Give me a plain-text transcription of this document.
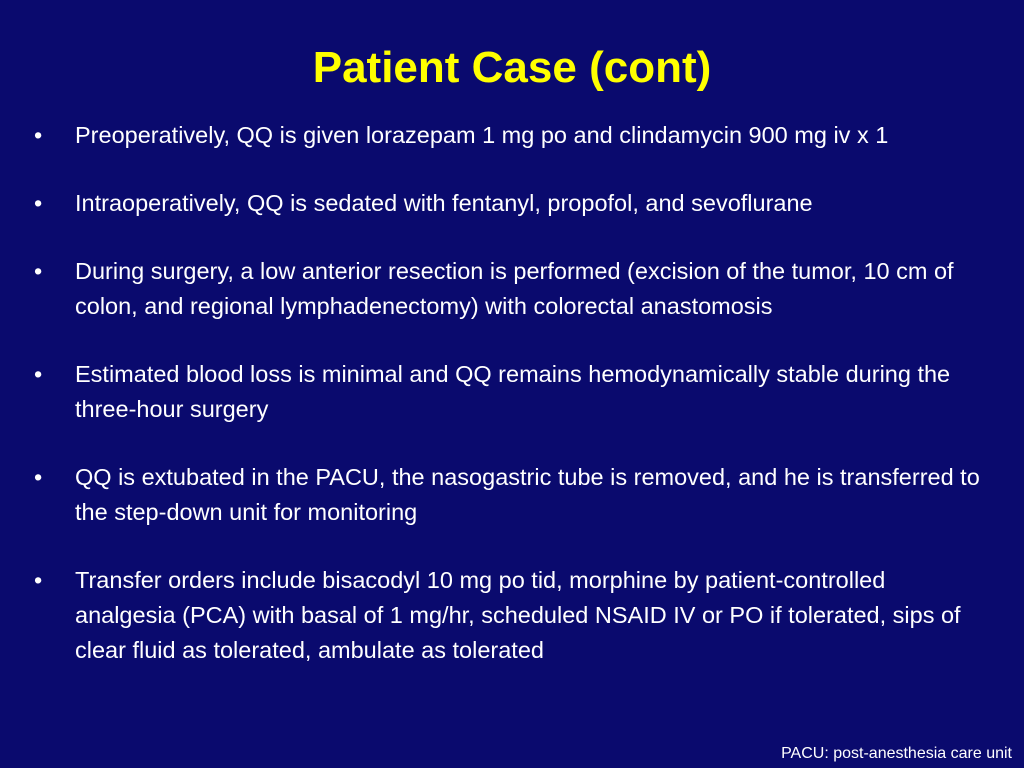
Patient Case (cont)
• Preoperatively, QQ is given lorazepam 1 mg po and clindamycin 900 mg iv x 1
• Intraoperatively, QQ is sedated with fentanyl, propofol, and sevoflurane
• During surgery, a low anterior resection is performed (excision of the tumor, 10 cm of colon, and regional lymphadenectomy) with colorectal anastomosis
• Estimated blood loss is minimal and QQ remains hemodynamically stable during the three-hour surgery
• QQ is extubated in the PACU, the nasogastric tube is removed, and he is transferred to the step-down unit for monitoring
• Transfer orders include bisacodyl 10 mg po tid, morphine by patient-controlled analgesia (PCA) with basal of 1 mg/hr, scheduled NSAID IV or PO if tolerated, sips of clear fluid as tolerated, ambulate as tolerated
PACU: post-anesthesia care unit
